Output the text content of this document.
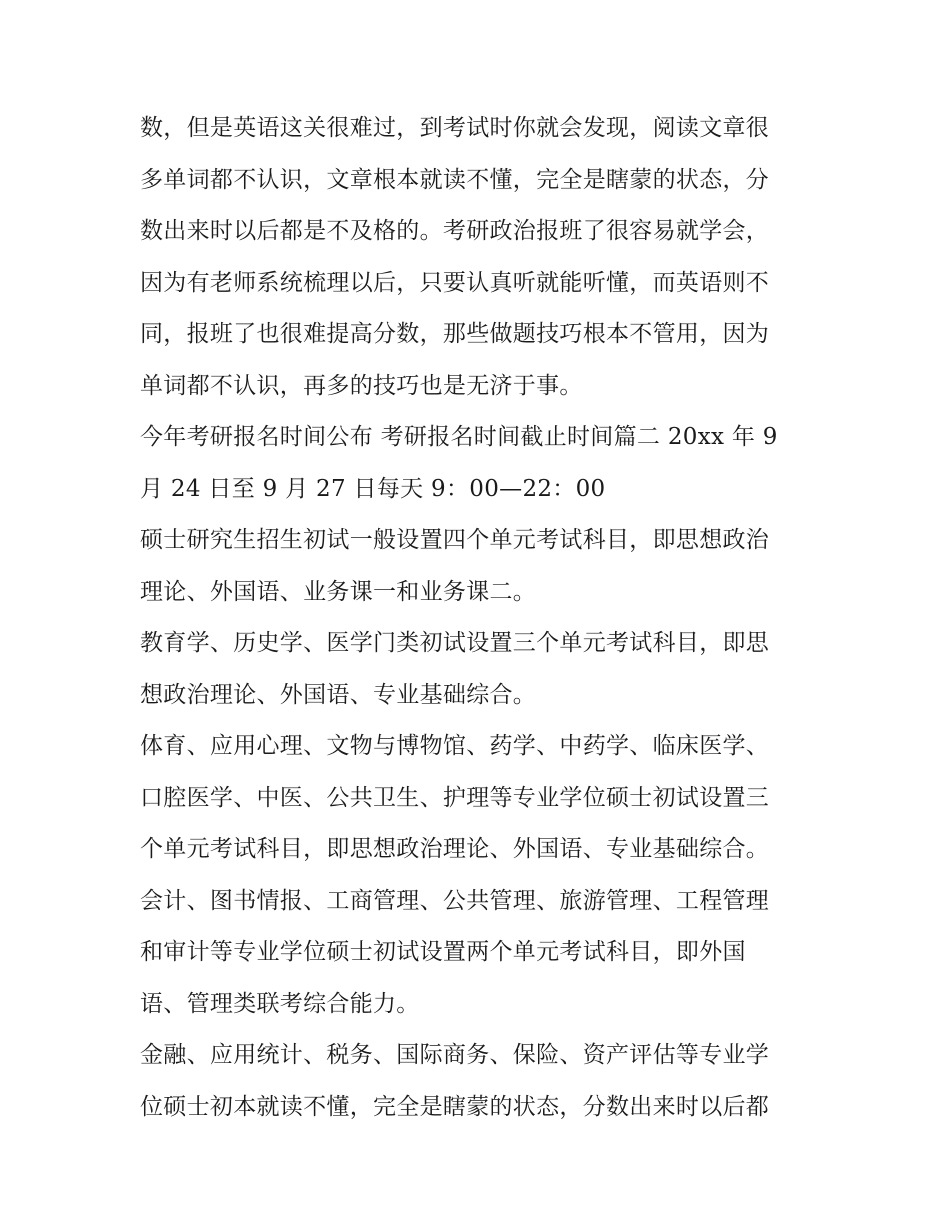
数，但是英语这关很难过，到考试时你就会发现，阅读文章很
多单词都不认识，文章根本就读不懂，完全是瞎蒙的状态，分
数出来时以后都是不及格的。考研政治报班了很容易就学会，
因为有老师系统梳理以后，只要认真听就能听懂，而英语则不
同，报班了也很难提高分数，那些做题技巧根本不管用，因为
单词都不认识，再多的技巧也是无济于事。

今年考研报名时间公布 考研报名时间截止时间篇二 20xx 年 9
月 24 日至 9 月 27 日每天 9：00—22：00

硕士研究生招生初试一般设置四个单元考试科目，即思想政治
理论、外国语、业务课一和业务课二。

教育学、历史学、医学门类初试设置三个单元考试科目，即思
想政治理论、外国语、专业基础综合。

体育、应用心理、文物与博物馆、药学、中药学、临床医学、
口腔医学、中医、公共卫生、护理等专业学位硕士初试设置三
个单元考试科目，即思想政治理论、外国语、专业基础综合。

会计、图书情报、工商管理、公共管理、旅游管理、工程管理
和审计等专业学位硕士初试设置两个单元考试科目，即外国
语、管理类联考综合能力。

金融、应用统计、税务、国际商务、保险、资产评估等专业学
位硕士初本就读不懂，完全是瞎蒙的状态，分数出来时以后都
